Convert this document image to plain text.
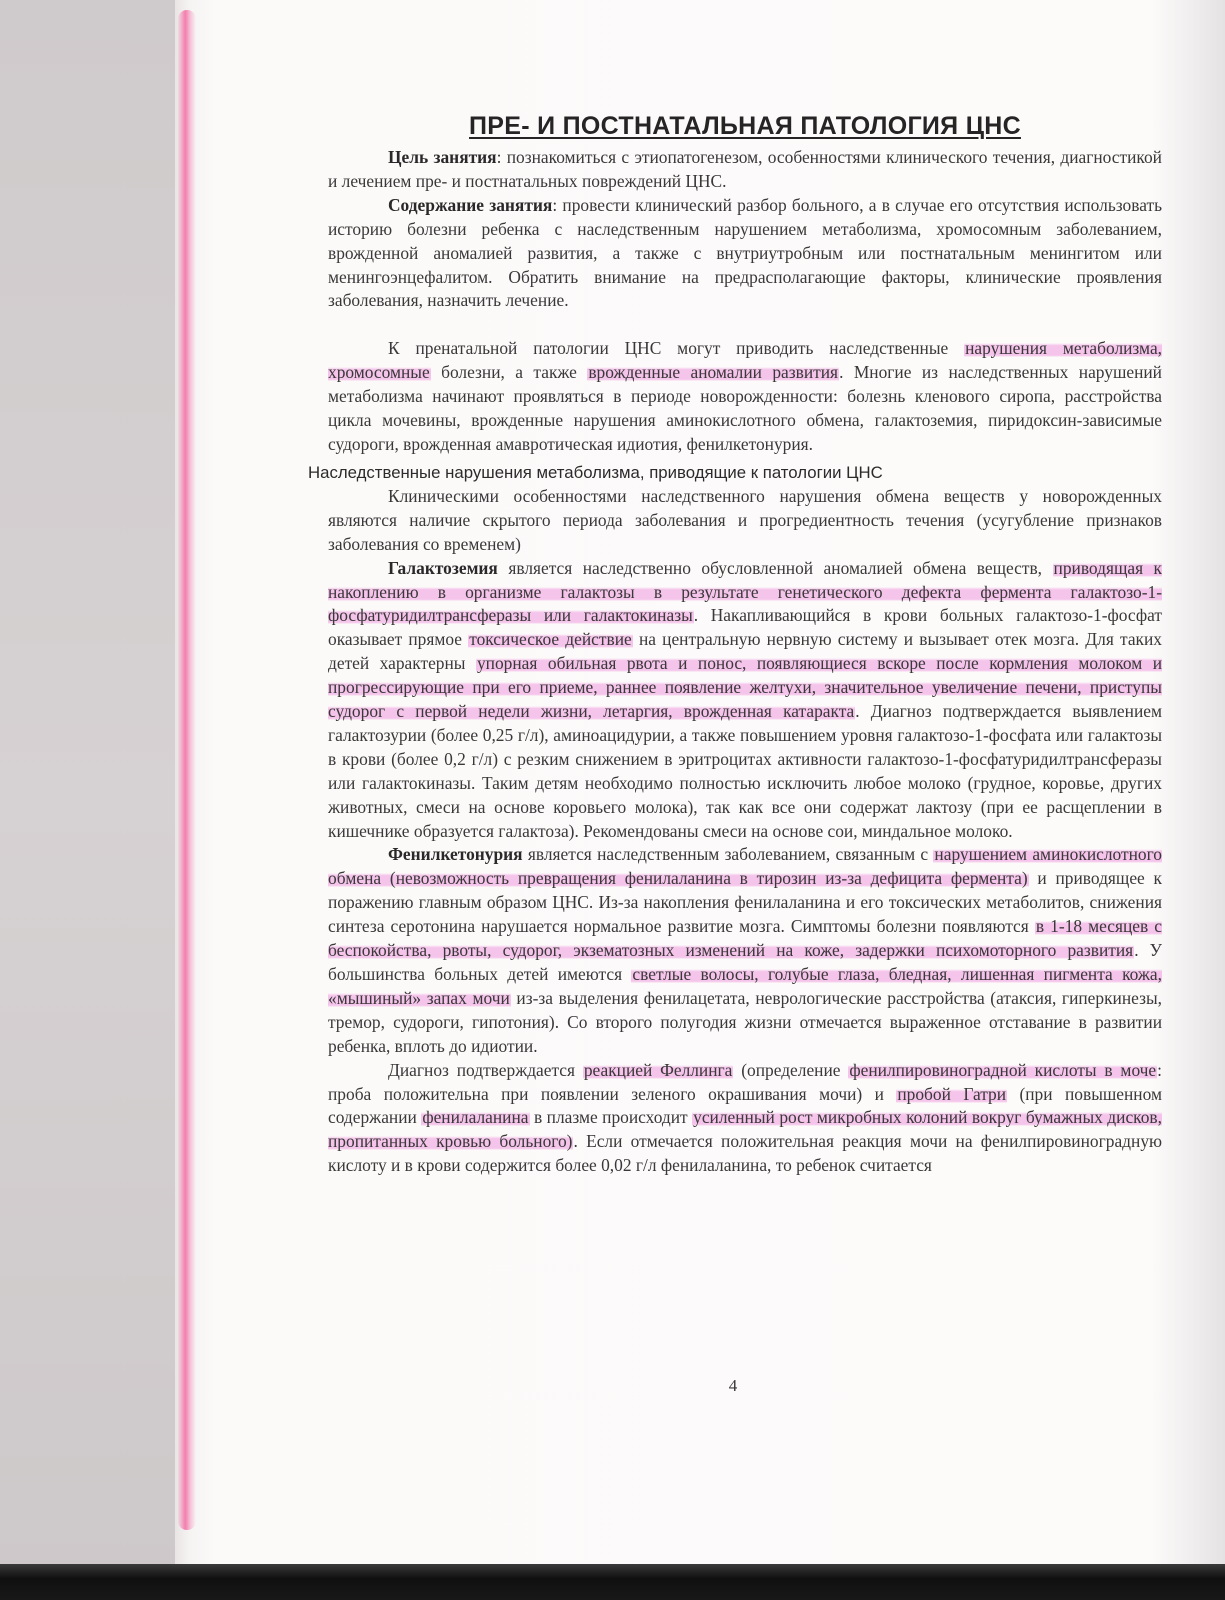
ПРЕ- И ПОСТНАТАЛЬНАЯ ПАТОЛОГИЯ ЦНС

Цель занятия: познакомиться с этиопатогенезом, особенностями клинического течения, диагностикой и лечением пре- и постнатальных повреждений ЦНС.

Содержание занятия: провести клинический разбор больного, а в случае его отсутствия использовать историю болезни ребенка с наследственным нарушением метаболизма, хромосомным заболеванием, врожденной аномалией развития, а также с внутриутробным или постнатальным менингитом или менингоэнцефалитом. Обратить внимание на предрасполагающие факторы, клинические проявления заболевания, назначить лечение.

К пренатальной патологии ЦНС могут приводить наследственные нарушения метаболизма, хромосомные болезни, а также врожденные аномалии развития. Многие из наследственных нарушений метаболизма начинают проявляться в периоде новорожденности: болезнь кленового сиропа, расстройства цикла мочевины, врожденные нарушения аминокислотного обмена, галактоземия, пиридоксин-зависимые судороги, врожденная амавротическая идиотия, фенилкетонурия.

Наследственные нарушения метаболизма, приводящие к патологии ЦНС

Клиническими особенностями наследственного нарушения обмена веществ у новорожденных являются наличие скрытого периода заболевания и прогредиентность течения (усугубление признаков заболевания со временем)

Галактоземия является наследственно обусловленной аномалией обмена веществ, приводящая к накоплению в организме галактозы в результате генетического дефекта фермента галактозо-1-фосфатуридилтрансферазы или галактокиназы. Накапливающийся в крови больных галактозо-1-фосфат оказывает прямое токсическое действие на центральную нервную систему и вызывает отек мозга. Для таких детей характерны упорная обильная рвота и понос, появляющиеся вскоре после кормления молоком и прогрессирующие при его приеме, раннее появление желтухи, значительное увеличение печени, приступы судорог с первой недели жизни, летаргия, врожденная катаракта. Диагноз подтверждается выявлением галактозурии (более 0,25 г/л), аминоацидурии, а также повышением уровня галактозо-1-фосфата или галактозы в крови (более 0,2 г/л) с резким снижением в эритроцитах активности галактозо-1-фосфатуридилтрансферазы или галактокиназы. Таким детям необходимо полностью исключить любое молоко (грудное, коровье, других животных, смеси на основе коровьего молока), так как все они содержат лактозу (при ее расщеплении в кишечнике образуется галактоза). Рекомендованы смеси на основе сои, миндальное молоко.

Фенилкетонурия является наследственным заболеванием, связанным с нарушением аминокислотного обмена (невозможность превращения фенилаланина в тирозин из-за дефицита фермента) и приводящее к поражению главным образом ЦНС. Из-за накопления фенилаланина и его токсических метаболитов, снижения синтеза серотонина нарушается нормальное развитие мозга. Симптомы болезни появляются в 1-18 месяцев с беспокойства, рвоты, судорог, экзематозных изменений на коже, задержки психомоторного развития. У большинства больных детей имеются светлые волосы, голубые глаза, бледная, лишенная пигмента кожа, «мышиный» запах мочи из-за выделения фенилацетата, неврологические расстройства (атаксия, гиперкинезы, тремор, судороги, гипотония). Со второго полугодия жизни отмечается выраженное отставание в развитии ребенка, вплоть до идиотии.

Диагноз подтверждается реакцией Феллинга (определение фенилпировиноградной кислоты в моче: проба положительна при появлении зеленого окрашивания мочи) и пробой Гатри (при повышенном содержании фенилаланина в плазме происходит усиленный рост микробных колоний вокруг бумажных дисков, пропитанных кровью больного). Если отмечается положительная реакция мочи на фенилпировиноградную кислоту и в крови содержится более 0,02 г/л фенилаланина, то ребенок считается

4
